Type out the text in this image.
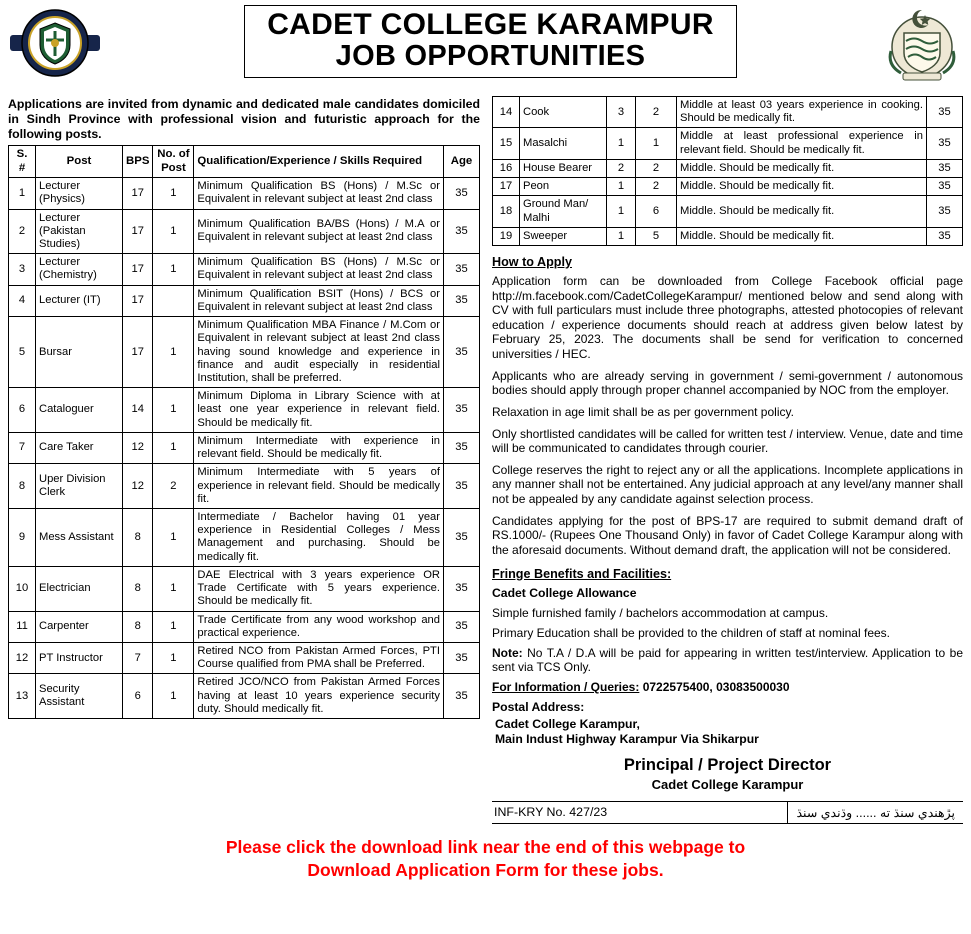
CADET COLLEGE KARAMPUR
JOB OPPORTUNITIES

Applications are invited from dynamic and dedicated male candidates domiciled in Sindh Province with professional vision and futuristic approach for the following posts.

S. #	Post	BPS	No. of Post	Qualification/Experience / Skills Required	Age
1	Lecturer (Physics)	17	1	Minimum Qualification BS (Hons) / M.Sc or Equivalent in relevant subject at least 2nd class	35
2	Lecturer (Pakistan Studies)	17	1	Minimum Qualification BA/BS (Hons) / M.A or Equivalent in relevant subject at least 2nd class	35
3	Lecturer (Chemistry)	17	1	Minimum Qualification BS (Hons) / M.Sc or Equivalent in relevant subject at least 2nd class	35
4	Lecturer (IT)	17		Minimum Qualification BSIT (Hons) / BCS or Equivalent in relevant subject at least 2nd class	35
5	Bursar	17	1	Minimum Qualification MBA Finance / M.Com or Equivalent in relevant subject at least 2nd class having sound knowledge and experience in finance and audit especially in residential Institution, shall be preferred.	35
6	Cataloguer	14	1	Minimum Diploma in Library Science with at least one year experience in relevant field. Should be medically fit.	35
7	Care Taker	12	1	Minimum Intermediate with experience in relevant field. Should be medically fit.	35
8	Uper Division Clerk	12	2	Minimum Intermediate with 5 years of experience in relevant field. Should be medically fit.	35
9	Mess Assistant	8	1	Intermediate / Bachelor having 01 year experience in Residential Colleges / Mess Management and purchasing. Should be medically fit.	35
10	Electrician	8	1	DAE Electrical with 3 years experience OR Trade Certificate with 5 years experience. Should be medically fit.	35
11	Carpenter	8	1	Trade Certificate from any wood workshop and practical experience.	35
12	PT Instructor	7	1	Retired NCO from Pakistan Armed Forces, PTI Course qualified from PMA shall be Preferred.	35
13	Security Assistant	6	1	Retired JCO/NCO from Pakistan Armed Forces having at least 10 years experience security duty. Should medically fit.	35
14	Cook	3	2	Middle at least 03 years experience in cooking. Should be medically fit.	35
15	Masalchi	1	1	Middle at least professional experience in relevant field. Should be medically fit.	35
16	House Bearer	2	2	Middle. Should be medically fit.	35
17	Peon	1	2	Middle. Should be medically fit.	35
18	Ground Man/ Malhi	1	6	Middle. Should be medically fit.	35
19	Sweeper	1	5	Middle. Should be medically fit.	35
How to Apply

Application form can be downloaded from College Facebook official page http://m.facebook.com/CadetCollegeKarampur/ mentioned below and send along with CV with full particulars must include three photographs, attested photocopies of relevant education / experience documents should reach at address given below latest by February 25, 2023. The documents shall be send for verification to concerned universities / HEC.

Applicants who are already serving in government / semi-government / autonomous bodies should apply through proper channel accompanied by NOC from the employer.

Relaxation in age limit shall be as per government policy.

Only shortlisted candidates will be called for written test / interview. Venue, date and time will be communicated to candidates through courier.

College reserves the right to reject any or all the applications. Incomplete applications in any manner shall not be entertained. Any judicial approach at any level/any manner shall not be appealed by any candidate against selection process.

Candidates applying for the post of BPS-17 are required to submit demand draft of RS.1000/- (Rupees One Thousand Only) in favor of Cadet College Karampur along with the aforesaid documents. Without demand draft, the application will not be considered.

Fringe Benefits and Facilities:
Cadet College Allowance

Simple furnished family / bachelors accommodation at campus.

Primary Education shall be provided to the children of staff at nominal fees.

Note: No T.A / D.A will be paid for appearing in written test/interview. Application to be sent via TCS Only.

For Information / Queries: 0722575400, 03083500030

Postal Address:
Cadet College Karampur,
Main Indust Highway Karampur Via Shikarpur
Principal / Project Director
Cadet College Karampur
INF-KRY No. 427/23	پڙهندي سنڌ ته ...... وڌندي سنڌ
Please click the download link near the end of this webpage to
Download Application Form for these jobs.
